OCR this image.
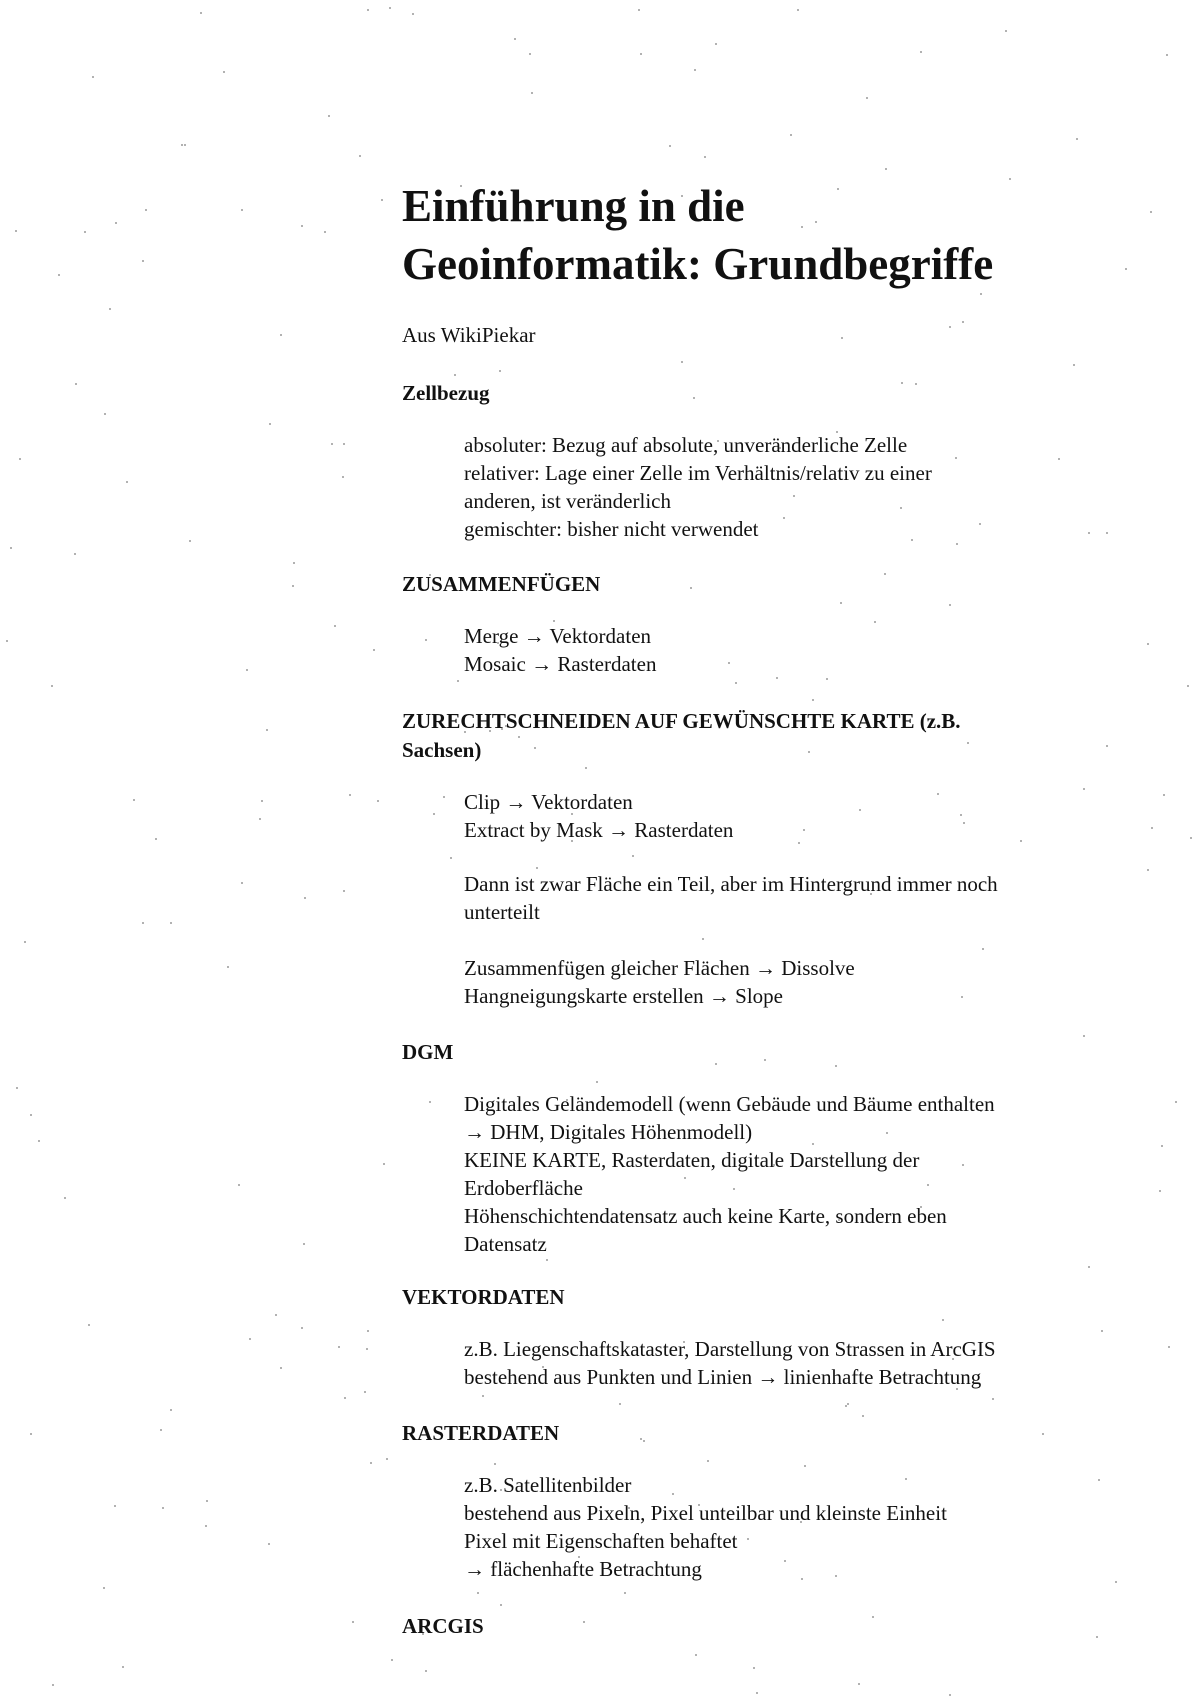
Einführung in die
Geoinformatik: Grundbegriffe
Aus WikiPiekar
Zellbezug
absoluter: Bezug auf absolute, unveränderliche Zelle
relativer: Lage einer Zelle im Verhältnis/relativ zu einer
anderen, ist veränderlich
gemischter: bisher nicht verwendet
ZUSAMMENFÜGEN
Merge → Vektordaten
Mosaic → Rasterdaten
ZURECHTSCHNEIDEN AUF GEWÜNSCHTE KARTE (z.B.
Sachsen)
Clip → Vektordaten
Extract by Mask → Rasterdaten
Dann ist zwar Fläche ein Teil, aber im Hintergrund immer noch
unterteilt
Zusammenfügen gleicher Flächen → Dissolve
Hangneigungskarte erstellen → Slope
DGM
Digitales Geländemodell (wenn Gebäude und Bäume enthalten
→ DHM, Digitales Höhenmodell)
KEINE KARTE, Rasterdaten, digitale Darstellung der
Erdoberfläche
Höhenschichtendatensatz auch keine Karte, sondern eben
Datensatz
VEKTORDATEN
z.B. Liegenschaftskataster, Darstellung von Strassen in ArcGIS
bestehend aus Punkten und Linien → linienhafte Betrachtung
RASTERDATEN
z.B. Satellitenbilder
bestehend aus Pixeln, Pixel unteilbar und kleinste Einheit
Pixel mit Eigenschaften behaftet
→ flächenhafte Betrachtung
ARCGIS
